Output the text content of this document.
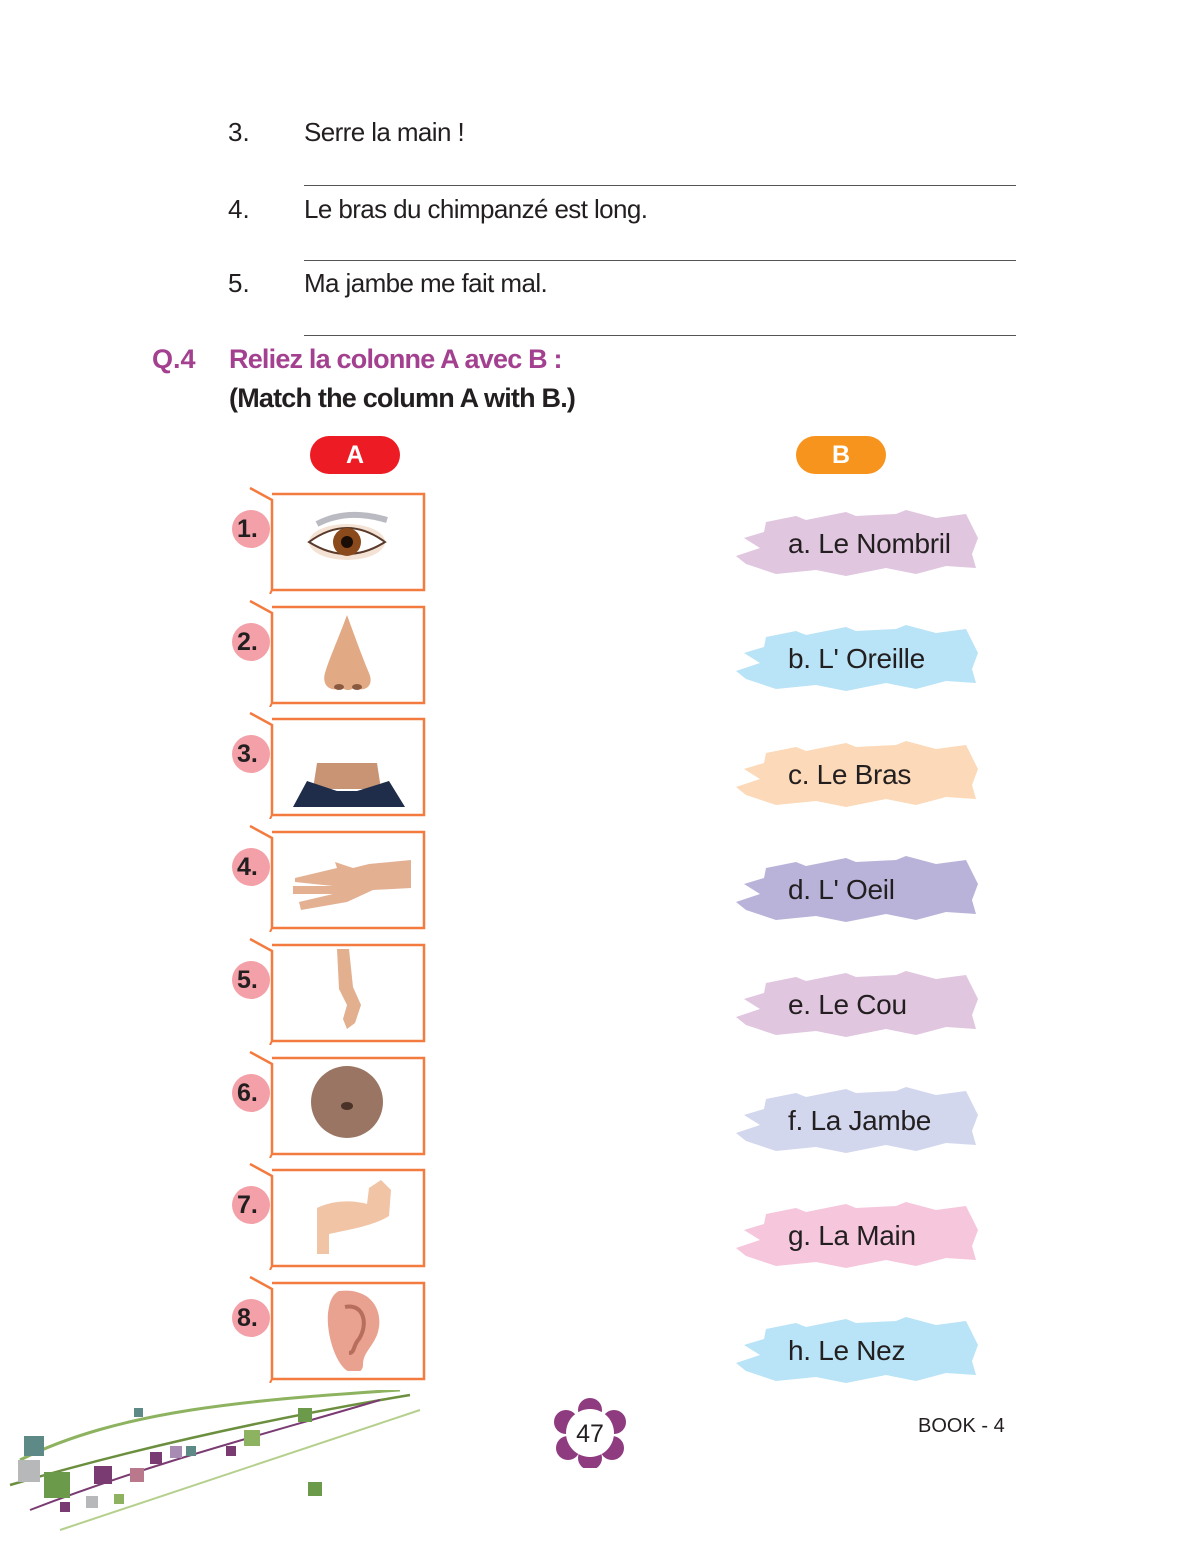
3. Serre la main !
4. Le bras du chimpanzé est long.
5. Ma jambe me fait mal.
Q.4 Reliez la colonne A avec B :
(Match the column A with B.)
A	B
1.
2.
3.
4.
5.
6.
7.
8.
a. Le Nombril
b. L' Oreille
c. Le Bras
d. L' Oeil
e. Le Cou
f. La Jambe
g. La Main
h. Le Nez
47	BOOK - 4
